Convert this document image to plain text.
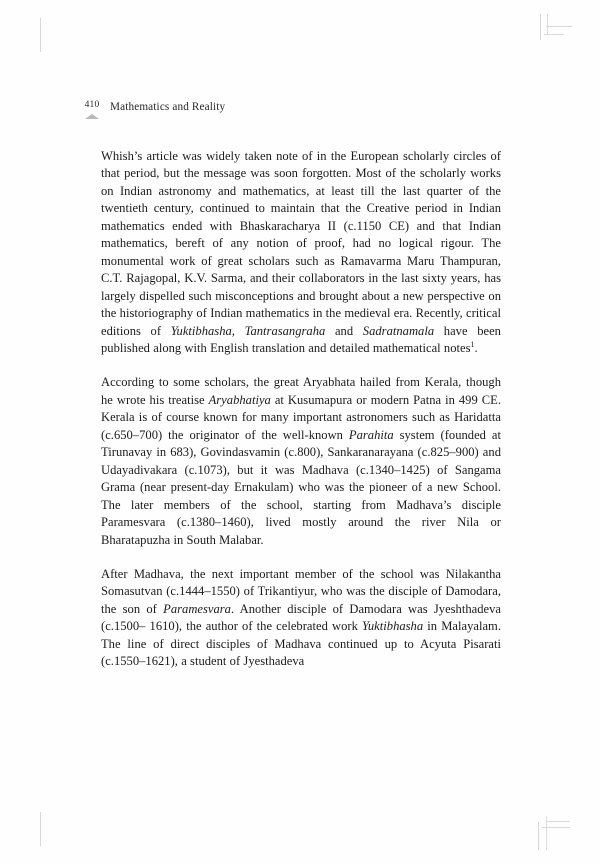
410 Mathematics and Reality

Whish’s article was widely taken note of in the European scholarly circles of that period, but the message was soon forgotten. Most of the scholarly works on Indian astronomy and mathematics, at least till the last quarter of the twentieth century, continued to maintain that the Creative period in Indian mathematics ended with Bhaskaracharya II (c.1150 CE) and that Indian mathematics, bereft of any notion of proof, had no logical rigour. The monumental work of great scholars such as Ramavarma Maru Thampuran, C.T. Rajagopal, K.V. Sarma, and their collaborators in the last sixty years, has largely dispelled such misconceptions and brought about a new perspective on the historiography of Indian mathematics in the medieval era. Recently, critical editions of Yuktibhasha, Tantrasangraha and Sadratnamala have been published along with English translation and detailed mathematical notes$^1$.

According to some scholars, the great Aryabhata hailed from Kerala, though he wrote his treatise Aryabhatiya at Kusumapura or modern Patna in 499 CE. Kerala is of course known for many important astronomers such as Haridatta (c.650–700) the originator of the well-known Parahita system (founded at Tirunavay in 683), Govindasvamin (c.800), Sankaranarayana (c.825–900) and Udayadivakara (c.1073), but it was Madhava (c.1340–1425) of Sangama Grama (near present-day Ernakulam) who was the pioneer of a new School. The later members of the school, starting from Madhava’s disciple Paramesvara (c.1380–1460), lived mostly around the river Nila or Bharatapuzha in South Malabar.

After Madhava, the next important member of the school was Nilakantha Somasutvan (c.1444–1550) of Trikantiyur, who was the disciple of Damodara, the son of Paramesvara. Another disciple of Damodara was Jyeshthadeva (c.1500– 1610), the author of the celebrated work Yuktibhasha in Malayalam. The line of direct disciples of Madhava continued up to Acyuta Pisarati (c.1550–1621), a student of Jyesthadeva
